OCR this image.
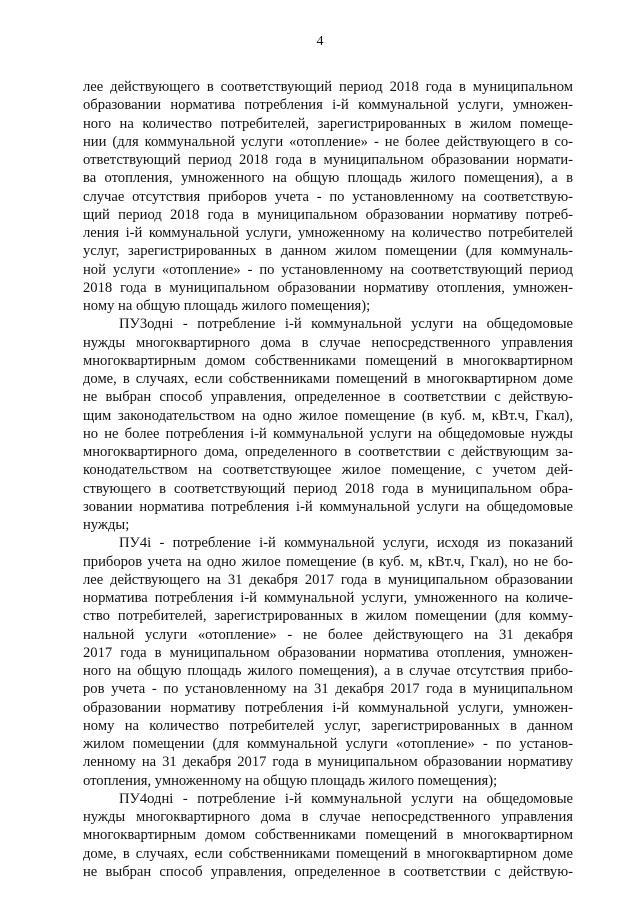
4

лее действующего в соответствующий период 2018 года в муниципальном
образовании норматива потребления i-й коммунальной услуги, умножен-
ного на количество потребителей, зарегистрированных в жилом помеще-
нии (для коммунальной услуги «отопление» - не более действующего в со-
ответствующий период 2018 года в муниципальном образовании нормати-
ва отопления, умноженного на общую площадь жилого помещения), а в
случае отсутствия приборов учета - по установленному на соответствую-
щий период 2018 года в муниципальном образовании нормативу потреб-
ления i-й коммунальной услуги, умноженному на количество потребителей
услуг, зарегистрированных в данном жилом помещении (для коммуналь-
ной услуги «отопление» - по установленному на соответствующий период
2018 года в муниципальном образовании нормативу отопления, умножен-
ному на общую площадь жилого помещения);

ПУ3одні - потребление і-й коммунальной услуги на общедомовые
нужды многоквартирного дома в случае непосредственного управления
многоквартирным домом собственниками помещений в многоквартирном
доме, в случаях, если собственниками помещений в многоквартирном доме
не выбран способ управления, определенное в соответствии с действую-
щим законодательством на одно жилое помещение (в куб. м, кВт.ч, Гкал),
но не более потребления i-й коммунальной услуги на общедомовые нужды
многоквартирного дома, определенного в соответствии с действующим за-
конодательством на соответствующее жилое помещение, с учетом дей-
ствующего в соответствующий период 2018 года в муниципальном обра-
зовании норматива потребления i-й коммунальной услуги на общедомовые
нужды;

ПУ4i - потребление i-й коммунальной услуги, исходя из показаний
приборов учета на одно жилое помещение (в куб. м, кВт.ч, Гкал), но не бо-
лее действующего на 31 декабря 2017 года в муниципальном образовании
норматива потребления i-й коммунальной услуги, умноженного на количе-
ство потребителей, зарегистрированных в жилом помещении (для комму-
нальной услуги «отопление» - не более действующего на 31 декабря
2017 года в муниципальном образовании норматива отопления, умножен-
ного на общую площадь жилого помещения), а в случае отсутствия прибо-
ров учета - по установленному на 31 декабря 2017 года в муниципальном
образовании нормативу потребления i-й коммунальной услуги, умножен-
ному на количество потребителей услуг, зарегистрированных в данном
жилом помещении (для коммунальной услуги «отопление» - по установ-
ленному на 31 декабря 2017 года в муниципальном образовании нормативу
отопления, умноженному на общую площадь жилого помещения);

ПУ4одні - потребление i-й коммунальной услуги на общедомовые
нужды многоквартирного дома в случае непосредственного управления
многоквартирным домом собственниками помещений в многоквартирном
доме, в случаях, если собственниками помещений в многоквартирном доме
не выбран способ управления, определенное в соответствии с действую-
